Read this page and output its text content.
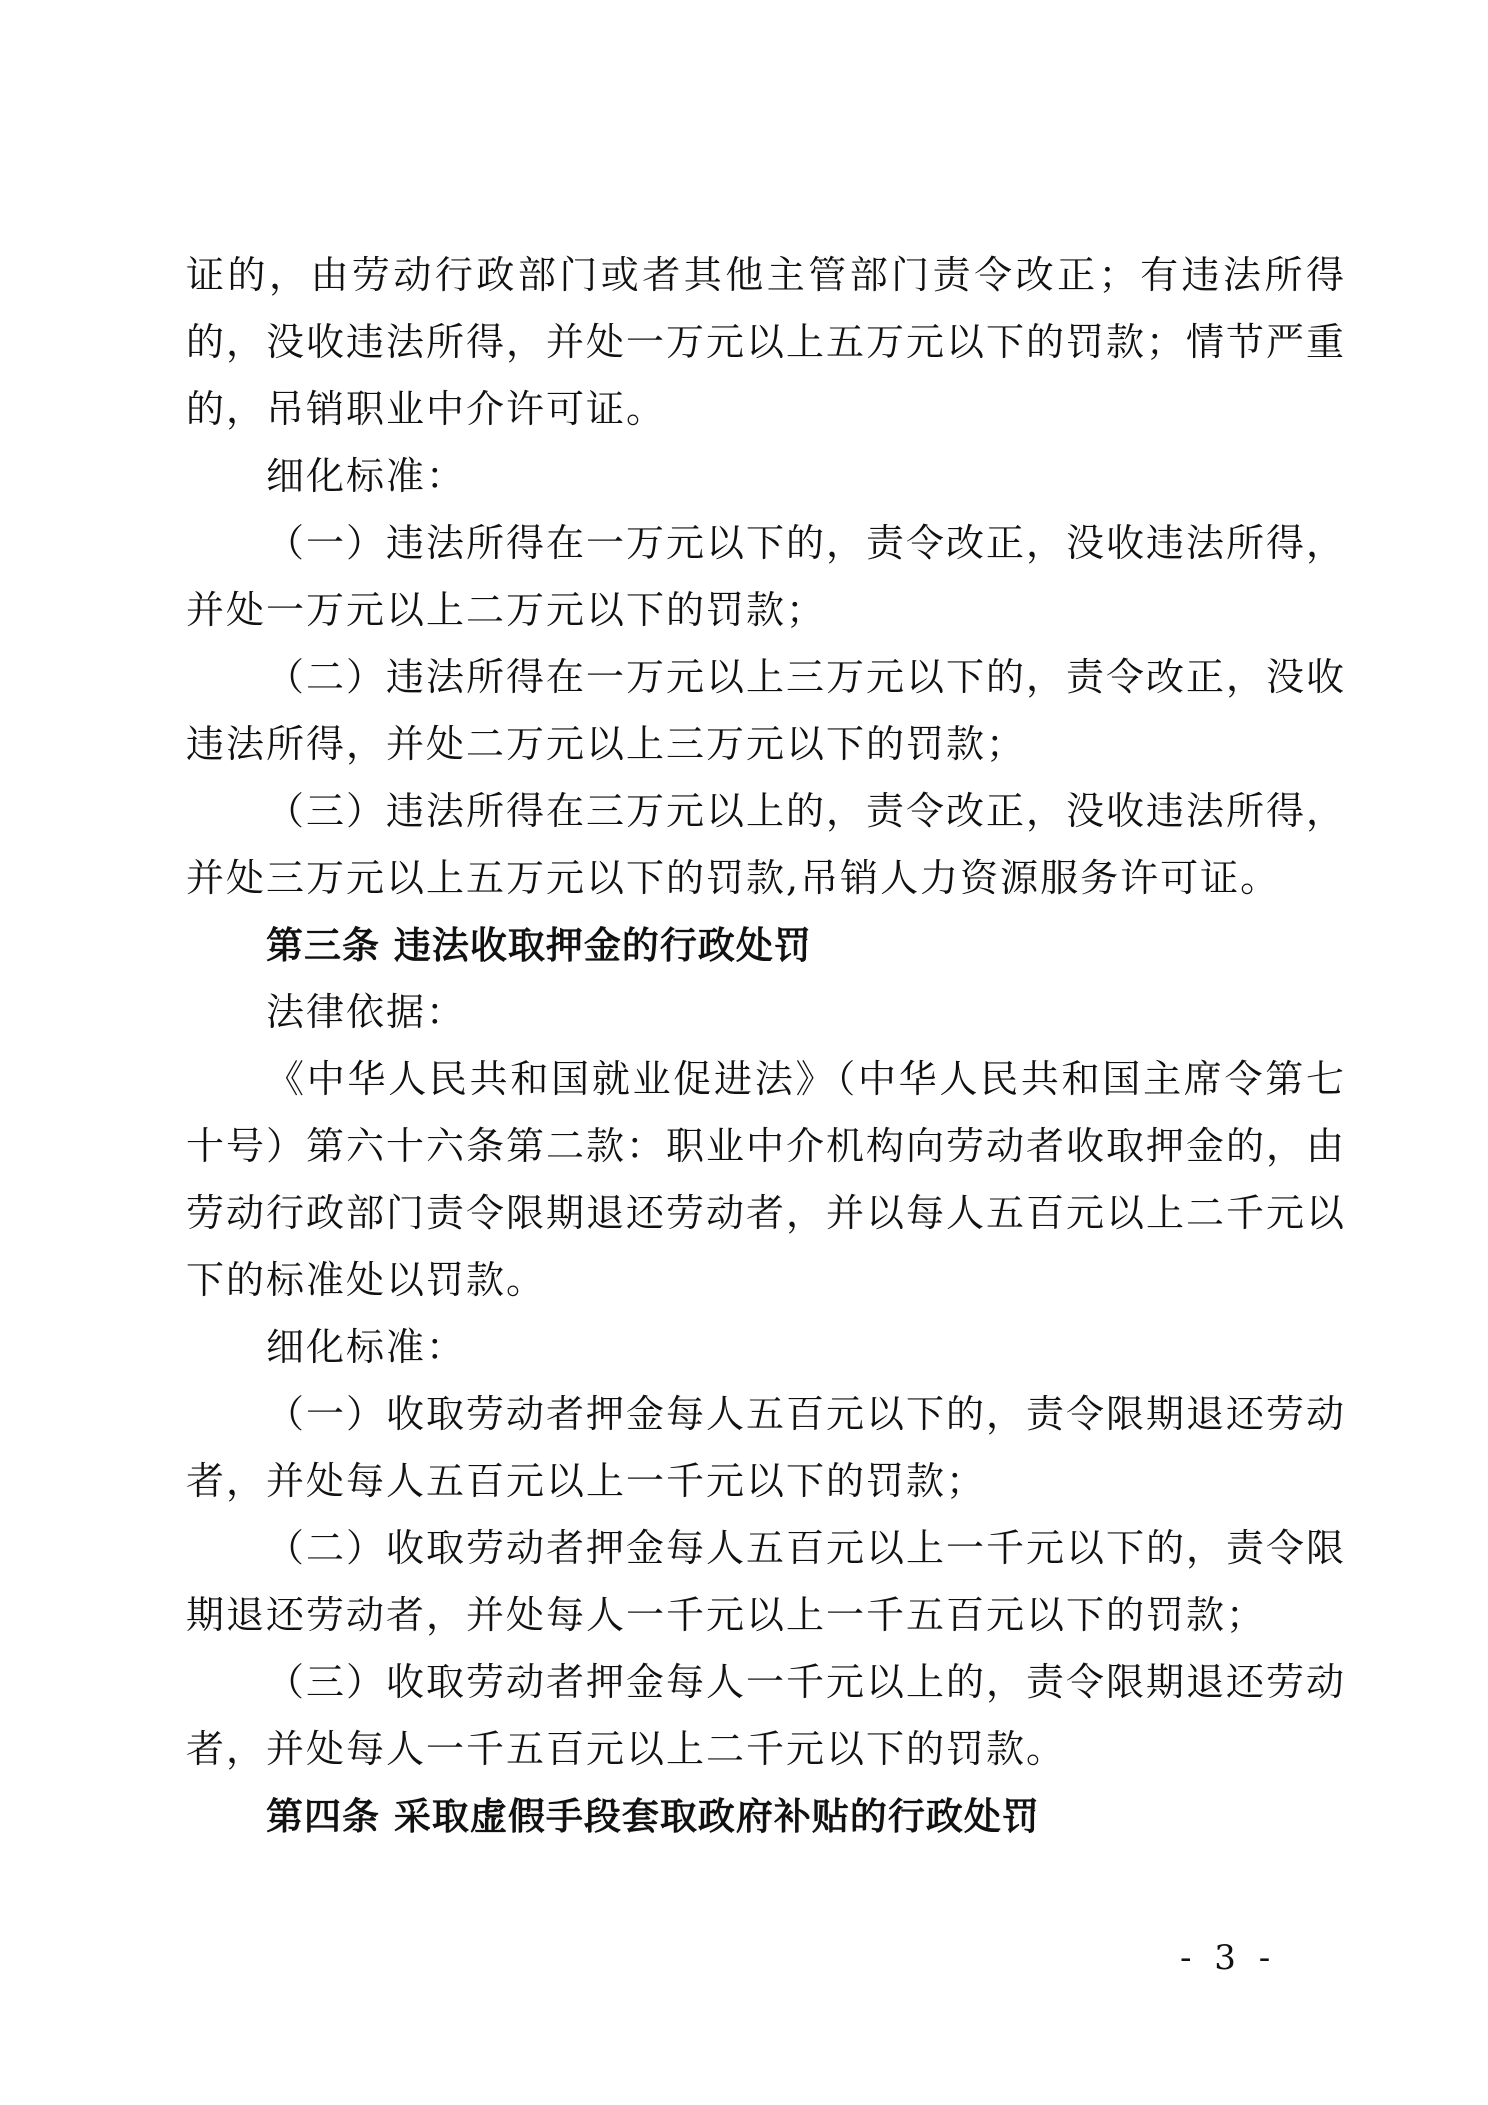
证的，由劳动行政部门或者其他主管部门责令改正；有违法所得的，没收违法所得，并处一万元以上五万元以下的罚款；情节严重的，吊销职业中介许可证。

细化标准：

（一）违法所得在一万元以下的，责令改正，没收违法所得，并处一万元以上二万元以下的罚款；

（二）违法所得在一万元以上三万元以下的，责令改正，没收违法所得，并处二万元以上三万元以下的罚款；

（三）违法所得在三万元以上的，责令改正，没收违法所得，并处三万元以上五万元以下的罚款,吊销人力资源服务许可证。

第三条 违法收取押金的行政处罚

法律依据：

《中华人民共和国就业促进法》（中华人民共和国主席令第七十号）第六十六条第二款：职业中介机构向劳动者收取押金的，由劳动行政部门责令限期退还劳动者，并以每人五百元以上二千元以下的标准处以罚款。

细化标准：

（一）收取劳动者押金每人五百元以下的，责令限期退还劳动者，并处每人五百元以上一千元以下的罚款；

（二）收取劳动者押金每人五百元以上一千元以下的，责令限期退还劳动者，并处每人一千元以上一千五百元以下的罚款；

（三）收取劳动者押金每人一千元以上的，责令限期退还劳动者，并处每人一千五百元以上二千元以下的罚款。

第四条 采取虚假手段套取政府补贴的行政处罚

- 3 -
